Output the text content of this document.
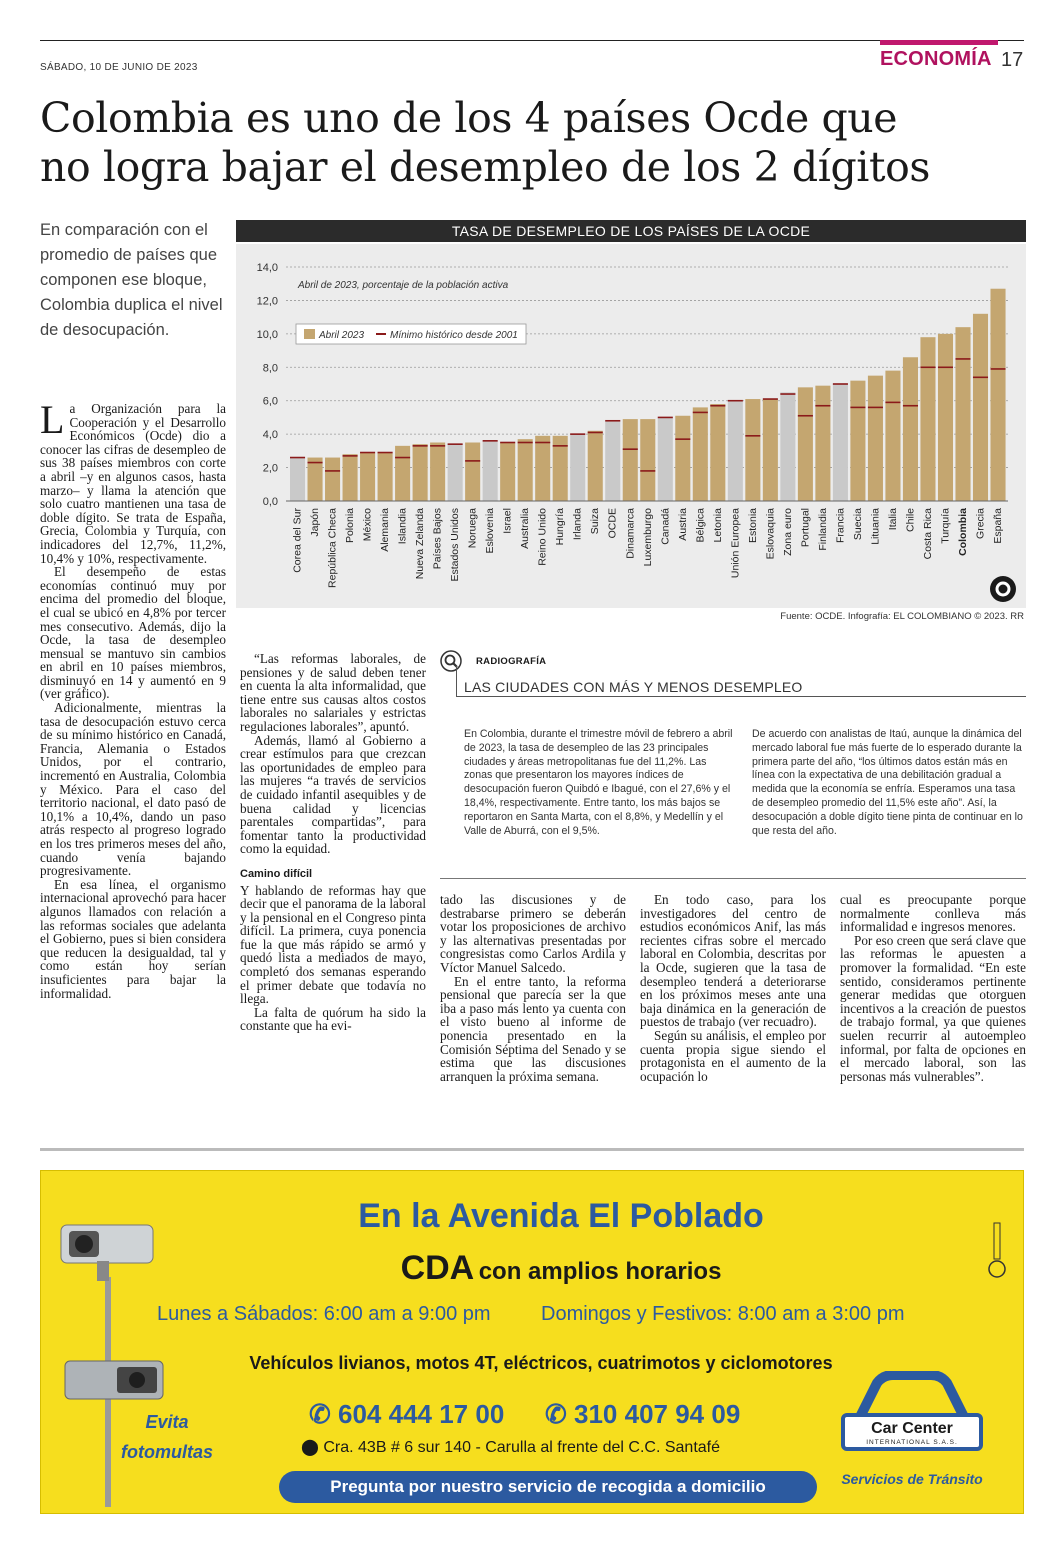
SÁBADO, 10 DE JUNIO DE 2023	ECONOMÍA 17
Colombia es uno de los 4 países Ocde que
no logra bajar el desempleo de los 2 dígitos
En comparación con el promedio de países que componen ese bloque, Colombia duplica el nivel de desocupación.
TASA DE DESEMPLEO DE LOS PAÍSES DE LA OCDE
0,0
2,0
4,0
6,0
8,0
10,0
12,0
14,0
Abril de 2023, porcentaje de la población activa
Abril 2023	Mínimo histórico desde 2001
Corea del Sur Japón República Checa Polonia México Alemania Islandia Nueva Zelanda Países Bajos Estados Unidos Noruega Eslovenia Israel Australia Reino Unido Hungría Irlanda Suiza OCDE Dinamarca Luxemburgo Canadá Austria Bélgica Letonia Unión Europea Estonia Eslovaquia Zona euro Portugal Finlandia Francia Suecia Lituania Italia Chile Costa Rica Turquía Colombia Grecia España
Fuente: OCDE. Infografía: EL COLOMBIANO © 2023. RR

La Organización para la Cooperación y el Desarrollo Económicos (Ocde) dio a conocer las cifras de desempleo de sus 38 países miembros con corte a abril –y en algunos casos, hasta marzo– y llama la atención que solo cuatro mantienen una tasa de doble dígito. Se trata de España, Grecia, Colombia y Turquía, con indicadores del 12,7%, 11,2%, 10,4% y 10%, respectivamente.

El desempeño de estas economías continuó muy por encima del promedio del bloque, el cual se ubicó en 4,8% por tercer mes consecutivo. Además, dijo la Ocde, la tasa de desempleo mensual se mantuvo sin cambios en abril en 10 países miembros, disminuyó en 14 y aumentó en 9 (ver gráfico).

Adicionalmente, mientras la tasa de desocupación estuvo cerca de su mínimo histórico en Canadá, Francia, Alemania o Estados Unidos, por el contrario, incrementó en Australia, Colombia y México. Para el caso del territorio nacional, el dato pasó de 10,1% a 10,4%, dando un paso atrás respecto al progreso logrado en los tres primeros meses del año, cuando venía bajando progresivamente.

En esa línea, el organismo internacional aprovechó para hacer algunos llamados con relación a las reformas sociales que adelanta el Gobierno, pues si bien considera que reducen la desigualdad, tal y como están hoy serían insuficientes para bajar la informalidad.

“Las reformas laborales, de pensiones y de salud deben tener en cuenta la alta informalidad, que tiene entre sus causas altos costos laborales no salariales y estrictas regulaciones laborales”, apuntó.

Además, llamó al Gobierno a crear estímulos para que crezcan las oportunidades de empleo para las mujeres “a través de servicios de cuidado infantil asequibles y de buena calidad y licencias parentales compartidas”, para fomentar tanto la productividad como la equidad.

Camino difícil

Y hablando de reformas hay que decir que el panorama de la laboral y la pensional en el Congreso pinta difícil. La primera, cuya ponencia fue la que más rápido se armó y quedó lista a mediados de mayo, completó dos semanas esperando el primer debate que todavía no llega.

La falta de quórum ha sido la constante que ha evi-

RADIOGRAFÍA
LAS CIUDADES CON MÁS Y MENOS DESEMPLEO
En Colombia, durante el trimestre móvil de febrero a abril de 2023, la tasa de desempleo de las 23 principales ciudades y áreas metropolitanas fue del 11,2%. Las zonas que presentaron los mayores índices de desocupación fueron Quibdó e Ibagué, con el 27,6% y el 18,4%, respectivamente. Entre tanto, los más bajos se reportaron en Santa Marta, con el 8,8%, y Medellín y el Valle de Aburrá, con el 9,5%.
De acuerdo con analistas de Itaú, aunque la dinámica del mercado laboral fue más fuerte de lo esperado durante la primera parte del año, “los últimos datos están más en línea con la expectativa de una debilitación gradual a medida que la economía se enfría. Esperamos una tasa de desempleo promedio del 11,5% este año”. Así, la desocupación a doble dígito tiene pinta de continuar en lo que resta del año.

tado las discusiones y de destrabarse primero se deberán votar los proposiciones de archivo y las alternativas presentadas por congresistas como Carlos Ardila y Víctor Manuel Salcedo.

En el entre tanto, la reforma pensional que parecía ser la que iba a paso más lento ya cuenta con el visto bueno al informe de ponencia presentado en la Comisión Séptima del Senado y se estima que las discusiones arranquen la próxima semana.

En todo caso, para los investigadores del centro de estudios económicos Anif, las más recientes cifras sobre el mercado laboral en Colombia, descritas por la Ocde, sugieren que la tasa de desempleo tenderá a deteriorarse en los próximos meses ante una baja dinámica en la generación de puestos de trabajo (ver recuadro).

Según su análisis, el empleo por cuenta propia sigue siendo el protagonista en el aumento de la ocupación lo

cual es preocupante porque normalmente conlleva más informalidad e ingresos menores.

Por eso creen que será clave que las reformas le apuesten a promover la formalidad. “En este sentido, consideramos pertinente generar medidas que otorguen incentivos a la creación de puestos de trabajo formal, ya que quienes suelen recurrir al autoempleo informal, por falta de opciones en el mercado laboral, son las personas más vulnerables”.

En la Avenida El Poblado
CDA con amplios horarios
Lunes a Sábados: 6:00 am a 9:00 pm	Domingos y Festivos: 8:00 am a 3:00 pm
Vehículos livianos, motos 4T, eléctricos, cuatrimotos y ciclomotores
✆ 604 444 17 00 ✆ 310 407 94 09
⬤ Cra. 43B # 6 sur 140 - Carulla al frente del C.C. Santafé
Pregunta por nuestro servicio de recogida a domicilio
Evita
fotomultas
Car Center
INTERNATIONAL S.A.S.
Servicios de Tránsito
